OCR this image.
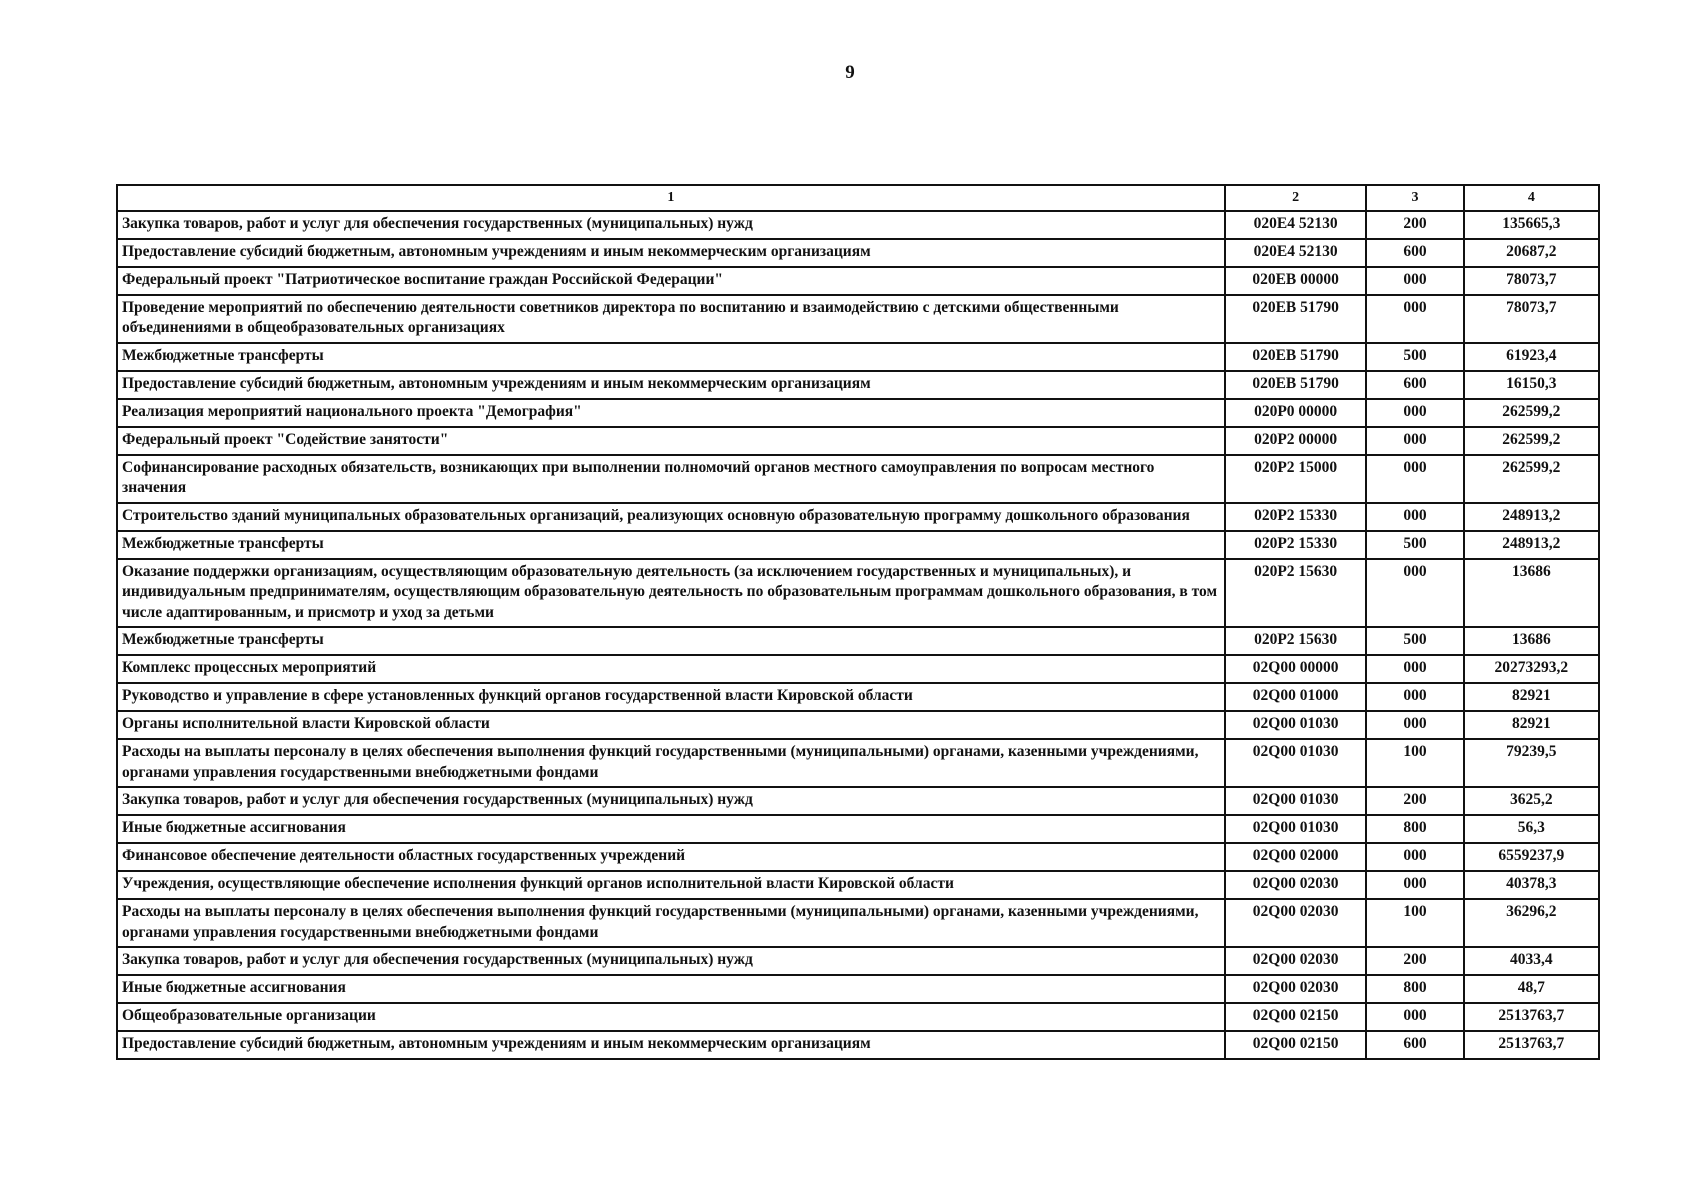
9
1	2	3	4
Закупка товаров, работ и услуг для обеспечения государственных (муниципальных) нужд	020E4 52130	200	135665,3
Предоставление субсидий бюджетным, автономным учреждениям и иным некоммерческим организациям	020E4 52130	600	20687,2
Федеральный проект "Патриотическое воспитание граждан Российской Федерации"	020EB 00000	000	78073,7
Проведение мероприятий по обеспечению деятельности советников директора по воспитанию и взаимодействию с детскими общественными объединениями в общеобразовательных организациях	020EB 51790	000	78073,7
Межбюджетные трансферты	020EB 51790	500	61923,4
Предоставление субсидий бюджетным, автономным учреждениям и иным некоммерческим организациям	020EB 51790	600	16150,3
Реализация мероприятий национального проекта "Демография"	020P0 00000	000	262599,2
Федеральный проект "Содействие занятости"	020P2 00000	000	262599,2
Софинансирование расходных обязательств, возникающих при выполнении полномочий органов местного самоуправления по вопросам местного значения	020P2 15000	000	262599,2
Строительство зданий муниципальных образовательных организаций, реализующих основную образовательную программу дошкольного образования	020P2 15330	000	248913,2
Межбюджетные трансферты	020P2 15330	500	248913,2
Оказание поддержки организациям, осуществляющим образовательную деятельность (за исключением государственных и муниципальных), и индивидуальным предпринимателям, осуществляющим образовательную деятельность по образовательным программам дошкольного образования, в том числе адаптированным, и присмотр и уход за детьми	020P2 15630	000	13686
Межбюджетные трансферты	020P2 15630	500	13686
Комплекс процессных мероприятий	02Q00 00000	000	20273293,2
Руководство и управление в сфере установленных функций органов государственной власти Кировской области	02Q00 01000	000	82921
Органы исполнительной власти Кировской области	02Q00 01030	000	82921
Расходы на выплаты персоналу в целях обеспечения выполнения функций государственными (муниципальными) органами, казенными учреждениями, органами управления государственными внебюджетными фондами	02Q00 01030	100	79239,5
Закупка товаров, работ и услуг для обеспечения государственных (муниципальных) нужд	02Q00 01030	200	3625,2
Иные бюджетные ассигнования	02Q00 01030	800	56,3
Финансовое обеспечение деятельности областных государственных учреждений	02Q00 02000	000	6559237,9
Учреждения, осуществляющие обеспечение исполнения функций органов исполнительной власти Кировской области	02Q00 02030	000	40378,3
Расходы на выплаты персоналу в целях обеспечения выполнения функций государственными (муниципальными) органами, казенными учреждениями, органами управления государственными внебюджетными фондами	02Q00 02030	100	36296,2
Закупка товаров, работ и услуг для обеспечения государственных (муниципальных) нужд	02Q00 02030	200	4033,4
Иные бюджетные ассигнования	02Q00 02030	800	48,7
Общеобразовательные организации	02Q00 02150	000	2513763,7
Предоставление субсидий бюджетным, автономным учреждениям и иным некоммерческим организациям	02Q00 02150	600	2513763,7
